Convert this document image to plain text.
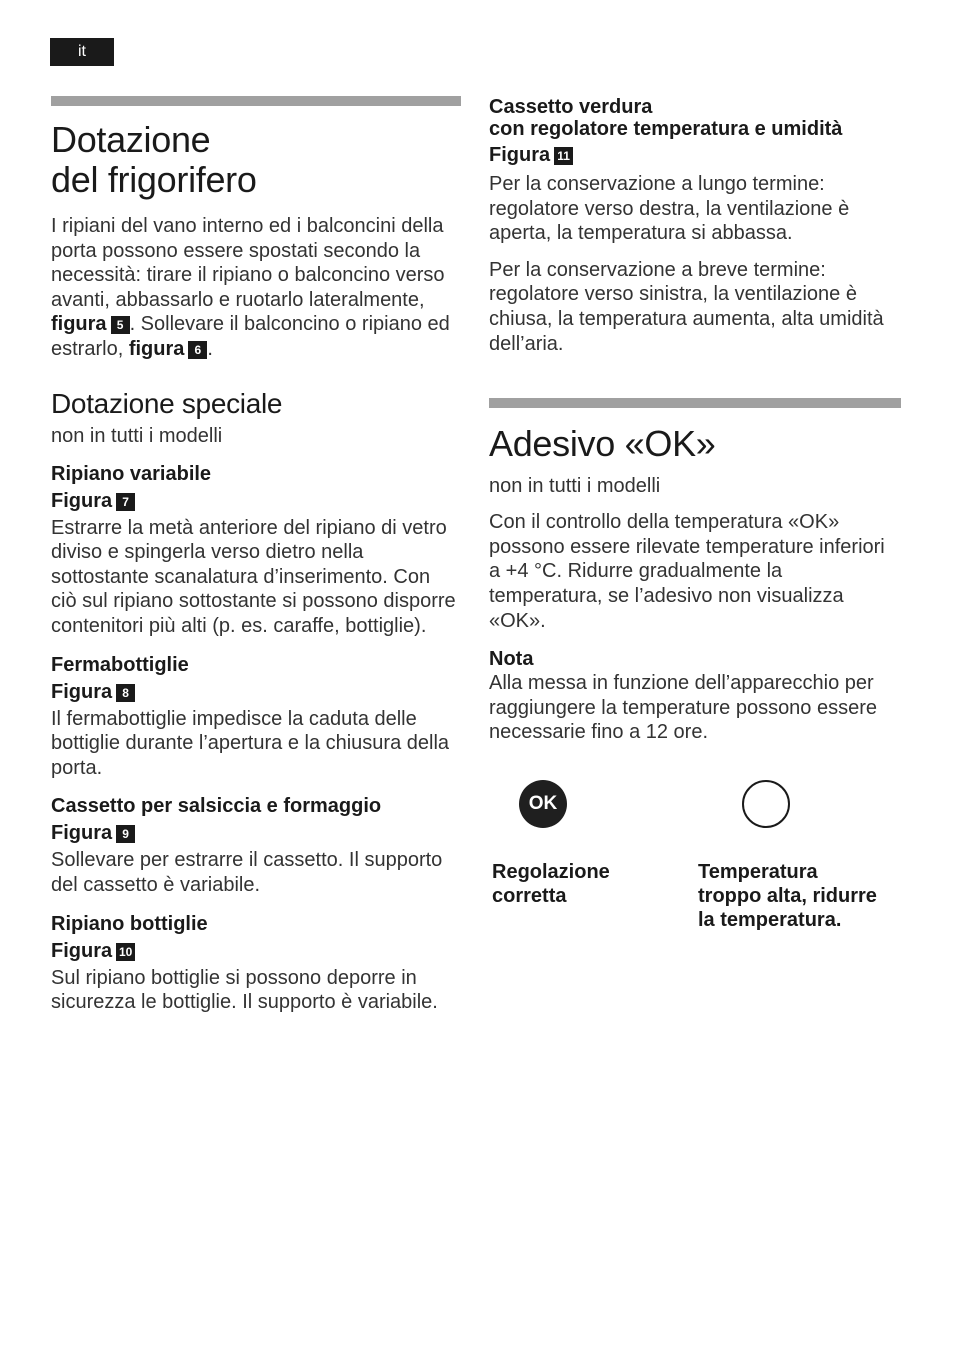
it
Dotazione
del frigorifero

I ripiani del vano interno ed i balconcini della porta possono essere spostati secondo la necessità: tirare il ripiano o balconcino verso avanti, abbassarlo e ruotarlo lateralmente, figura 5 . Sollevare il balconcino o ripiano ed estrarlo, figura 6 .

Dotazione speciale
non in tutti i modelli
Ripiano variabile
Figura 7

Estrarre la metà anteriore del ripiano di vetro diviso e spingerla verso dietro nella sottostante scanalatura d’inserimento. Con ciò sul ripiano sottostante si possono disporre contenitori più alti (p. es. caraffe, bottiglie).

Fermabottiglie
Figura 8

Il fermabottiglie impedisce la caduta delle bottiglie durante l’apertura e la chiusura della porta.

Cassetto per salsiccia e formaggio
Figura 9

Sollevare per estrarre il cassetto. Il supporto del cassetto è variabile.

Ripiano bottiglie
Figura 10

Sul ripiano bottiglie si possono deporre in sicurezza le bottiglie. Il supporto è variabile.

Cassetto verdura
con regolatore temperatura e umidità
Figura 11

Per la conservazione a lungo termine: regolatore verso destra, la ventilazione è aperta, la temperatura si abbassa.

Per la conservazione a breve termine: regolatore verso sinistra, la ventilazione è chiusa, la temperatura aumenta, alta umidità dell’aria.

Adesivo «OK»
non in tutti i modelli

Con il controllo della temperatura «OK» possono essere rilevate temperature inferiori a +4 °C. Ridurre gradualmente la temperatura, se l’adesivo non visualizza «OK».

Nota

Alla messa in funzione dell’apparecchio per raggiungere la temperature possono essere necessarie fino a 12 ore.

OK
Regolazione
corretta
Temperatura
troppo alta, ridurre
la temperatura.
